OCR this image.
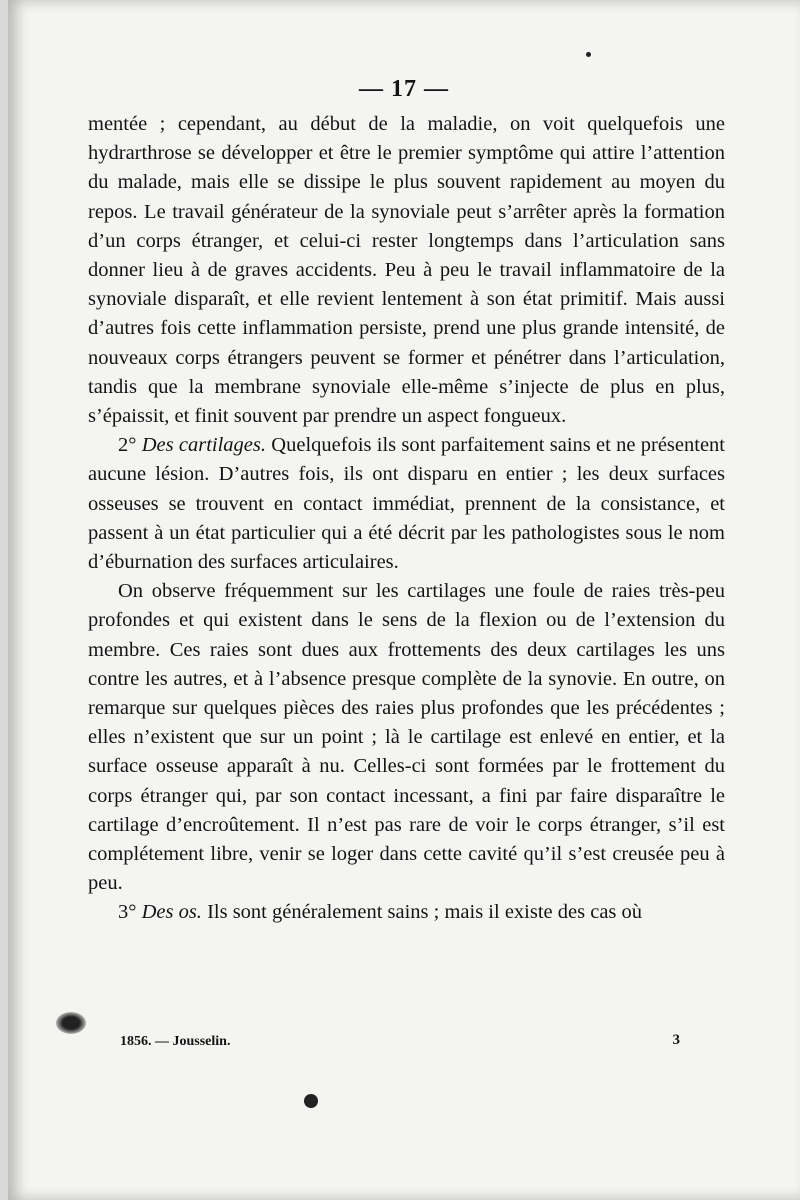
— 17 —

mentée ; cependant, au début de la maladie, on voit quelquefois une hydrarthrose se développer et être le premier symptôme qui attire l’attention du malade, mais elle se dissipe le plus souvent rapidement au moyen du repos. Le travail générateur de la synoviale peut s’arrêter après la formation d’un corps étranger, et celui-ci rester longtemps dans l’articulation sans donner lieu à de graves accidents. Peu à peu le travail inflammatoire de la synoviale disparaît, et elle revient lentement à son état primitif. Mais aussi d’autres fois cette inflammation persiste, prend une plus grande intensité, de nouveaux corps étrangers peuvent se former et pénétrer dans l’articulation, tandis que la membrane synoviale elle-même s’injecte de plus en plus, s’épaissit, et finit souvent par prendre un aspect fongueux.

2° Des cartilages. Quelquefois ils sont parfaitement sains et ne présentent aucune lésion. D’autres fois, ils ont disparu en entier ; les deux surfaces osseuses se trouvent en contact immédiat, prennent de la consistance, et passent à un état particulier qui a été décrit par les pathologistes sous le nom d’éburnation des surfaces articulaires.

On observe fréquemment sur les cartilages une foule de raies très-peu profondes et qui existent dans le sens de la flexion ou de l’extension du membre. Ces raies sont dues aux frottements des deux cartilages les uns contre les autres, et à l’absence presque complète de la synovie. En outre, on remarque sur quelques pièces des raies plus profondes que les précédentes ; elles n’existent que sur un point ; là le cartilage est enlevé en entier, et la surface osseuse apparaît à nu. Celles-ci sont formées par le frottement du corps étranger qui, par son contact incessant, a fini par faire disparaître le cartilage d’encroûtement. Il n’est pas rare de voir le corps étranger, s’il est complétement libre, venir se loger dans cette cavité qu’il s’est creusée peu à peu.

3° Des os. Ils sont généralement sains ; mais il existe des cas où

1856. — Jousselin.	3
